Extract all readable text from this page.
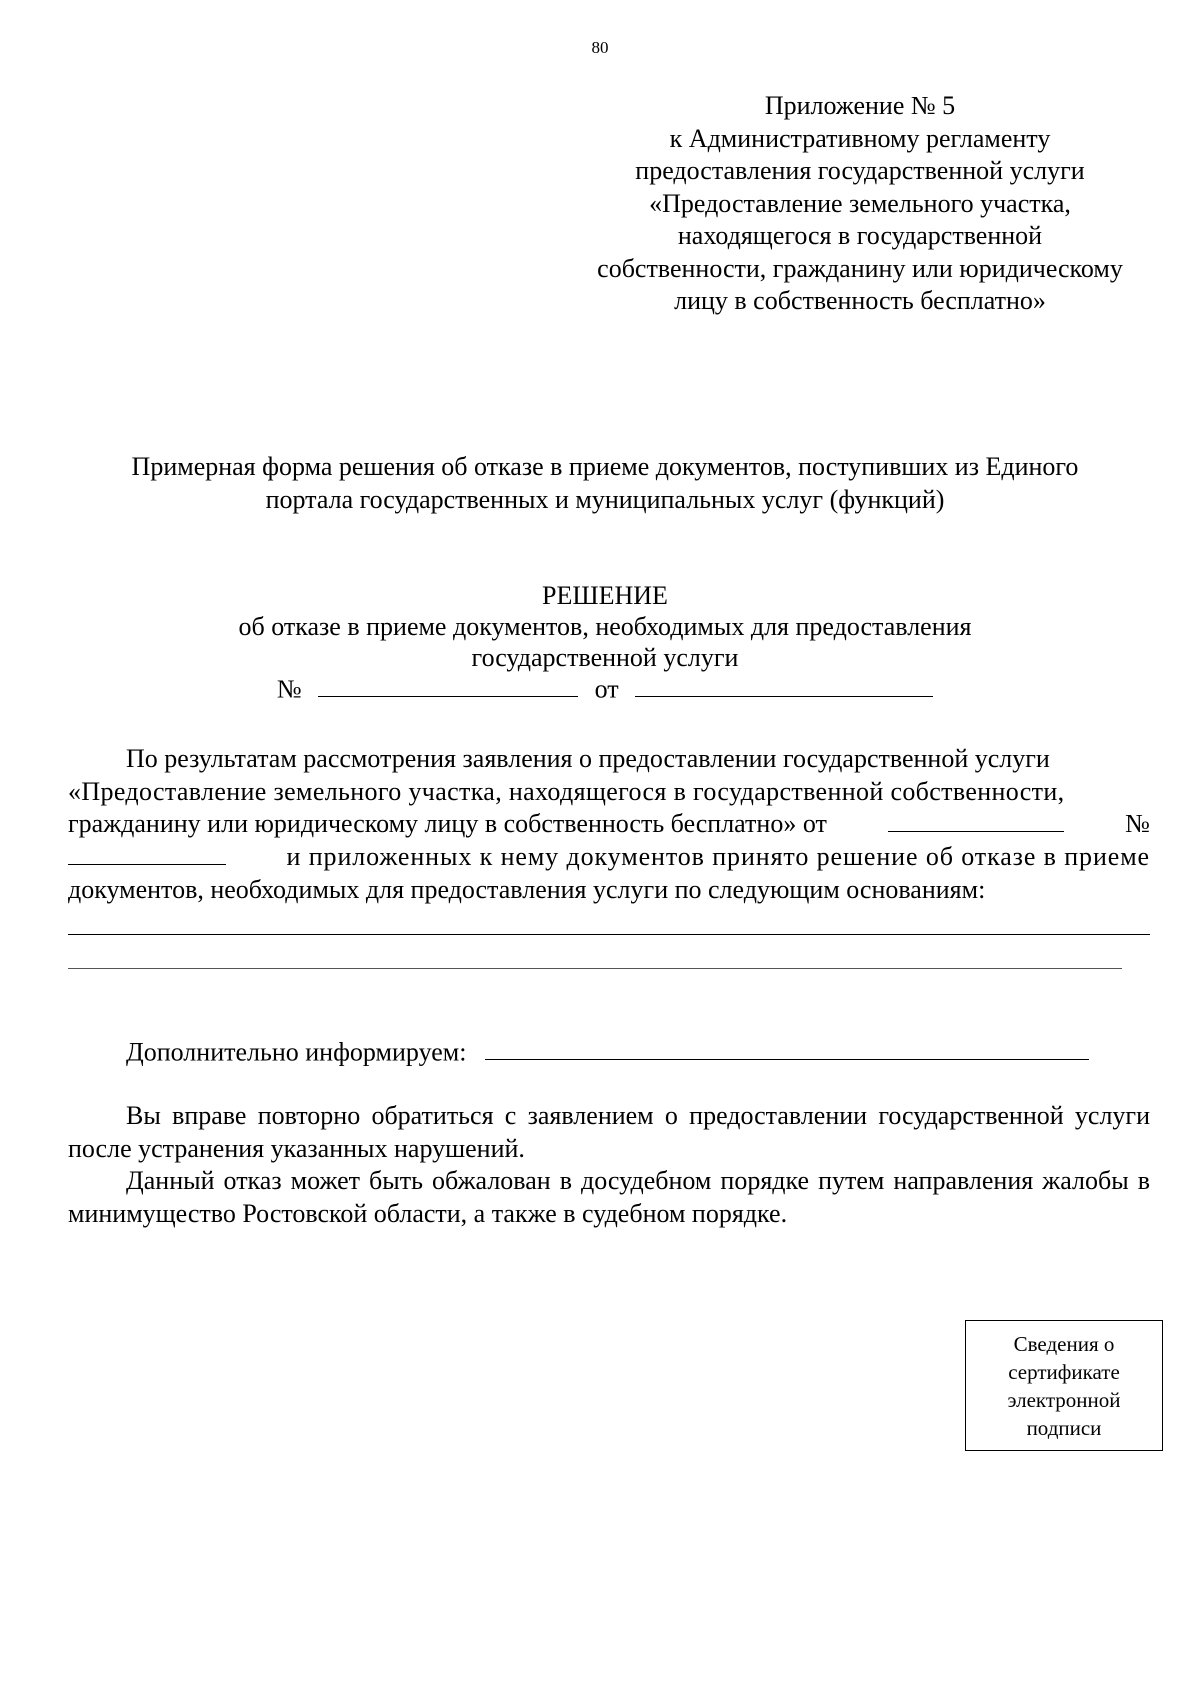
80
Приложение № 5
к Административному регламенту
предоставления государственной услуги
«Предоставление земельного участка,
находящегося в государственной
собственности, гражданину или юридическому
лицу в собственность бесплатно»
Примерная форма решения об отказе в приеме документов, поступивших из Единого
портала государственных и муниципальных услуг (функций)
РЕШЕНИЕ
об отказе в приеме документов, необходимых для предоставления
государственной услуги
№	от
По результатам рассмотрения заявления о предоставлении государственной услуги
«Предоставление земельного участка, находящегося в государственной собственности,
гражданину или юридическому лицу в собственность бесплатно» от	№
и приложенных к нему документов принято решение об отказе в приеме
документов, необходимых для предоставления услуги по следующим основаниям:
Дополнительно информируем:

Вы вправе повторно обратиться с заявлением о предоставлении государственной услуги после устранения указанных нарушений.

Данный отказ может быть обжалован в досудебном порядке путем направления жалобы в минимущество Ростовской области, а также в судебном порядке.

Сведения о
сертификате
электронной
подписи
